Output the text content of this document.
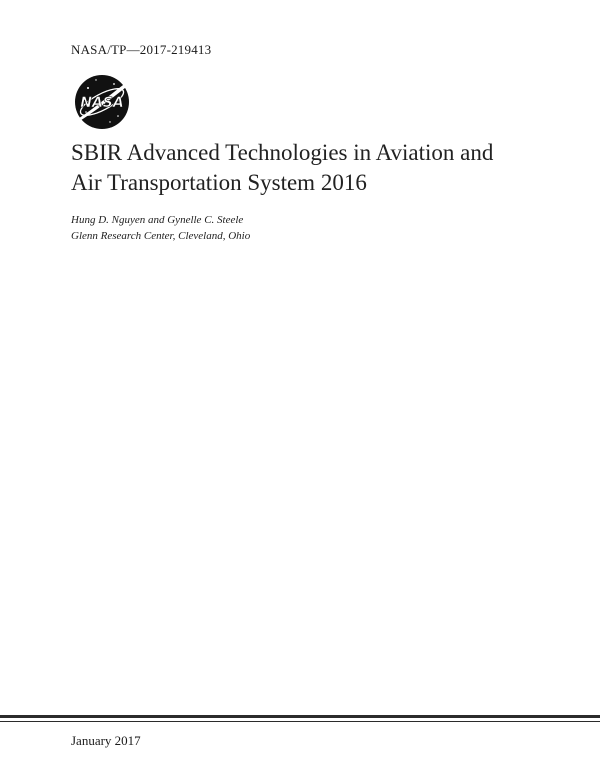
NASA/TP—2017-219413
NASA
SBIR Advanced Technologies in Aviation and
Air Transportation System 2016
Hung D. Nguyen and Gynelle C. Steele
Glenn Research Center, Cleveland, Ohio
January 2017
